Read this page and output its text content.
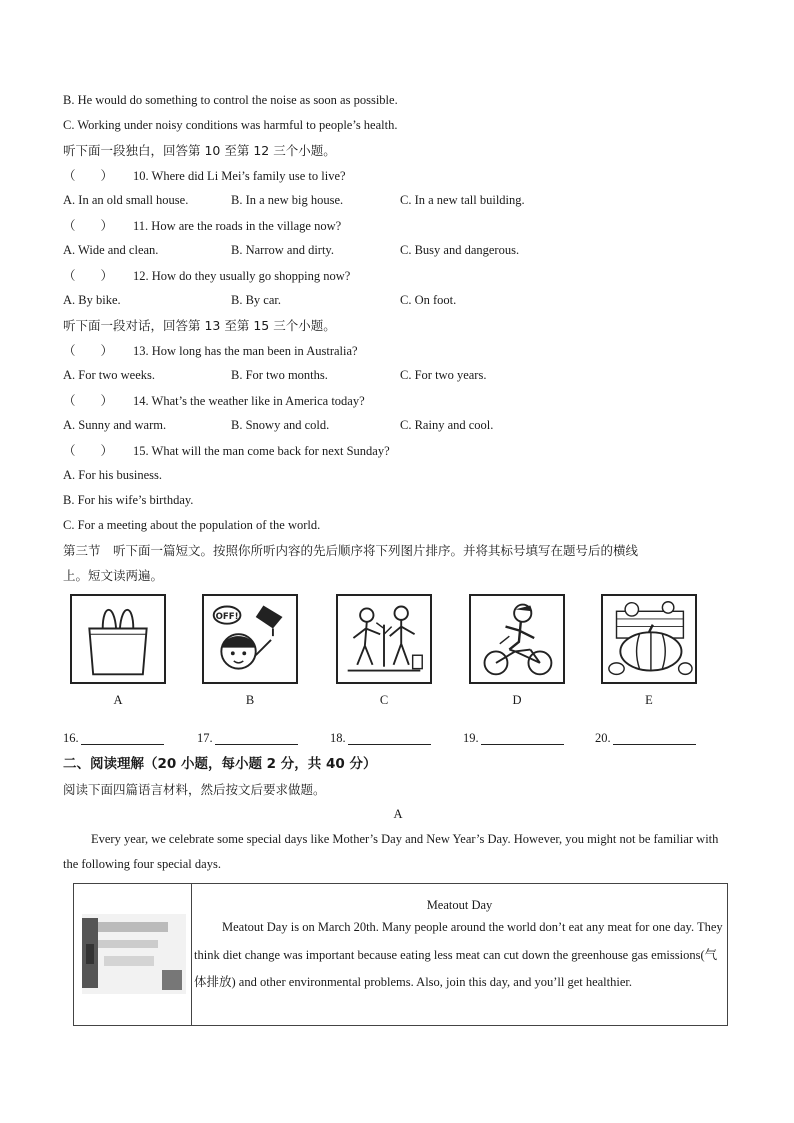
B. He would do something to control the noise as soon as possible.
C. Working under noisy conditions was harmful to people’s health.
听下面一段独白，回答第 10 至第 12 三个小题。
（　　） 10. Where did Li Mei’s family use to live?
A. In an old small house.	B. In a new big house.	C. In a new tall building.
（　　） 11. How are the roads in the village now?
A. Wide and clean.	B. Narrow and dirty.	C. Busy and dangerous.
（　　） 12. How do they usually go shopping now?
A. By bike.	B. By car.	C. On foot.
听下面一段对话，回答第 13 至第 15 三个小题。
（　　） 13. How long has the man been in Australia?
A. For two weeks.	B. For two months.	C. For two years.
（　　） 14. What’s the weather like in America today?
A. Sunny and warm.	B. Snowy and cold.	C. Rainy and cool.
（　　） 15. What will the man come back for next Sunday?
A. For his business.
B. For his wife’s birthday.
C. For a meeting about the population of the world.
第三节　听下面一篇短文。按照你所听内容的先后顺序将下列图片排序。并将其标号填写在题号后的横线
上。短文读两遍。
A
OFF!
B	C	D	E
16.	17.	18.	19.	20.
二、阅读理解（20 小题，每小题 2 分，共 40 分）
阅读下面四篇语言材料，然后按文后要求做题。
A

Every year, we celebrate some special days like Mother’s Day and New Year’s Day. However, you might not be familiar with the following four special days.

Meatout Day

Meatout Day is on March 20th. Many people around the world don’t eat any meat for one day. They think diet change was important because eating less meat can cut down the greenhouse gas emissions(气体排放) and other environmental problems. Also, join this day, and you’ll get healthier.
